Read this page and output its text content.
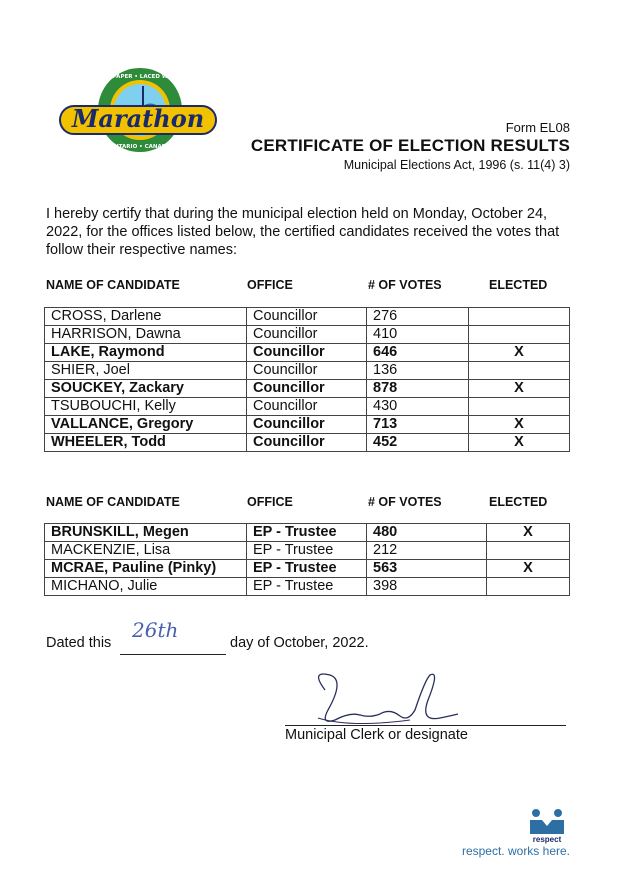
Marathon
BUILT ON PAPER • LACED WITH GOLD
ONTARIO • CANADA
Form EL08
CERTIFICATE OF ELECTION RESULTS
Municipal Elections Act, 1996 (s. 11(4) 3)
I hereby certify that during the municipal election held on Monday, October 24, 2022, for the offices listed below, the certified candidates received the votes that follow their respective names:
NAME OF CANDIDATE	OFFICE	# OF VOTES	ELECTED
CROSS, Darlene	Councillor	276	
HARRISON, Dawna	Councillor	410	
LAKE, Raymond	Councillor	646	X
SHIER, Joel	Councillor	136	
SOUCKEY, Zackary	Councillor	878	X
TSUBOUCHI, Kelly	Councillor	430	
VALLANCE, Gregory	Councillor	713	X
WHEELER, Todd	Councillor	452	X
NAME OF CANDIDATE	OFFICE	# OF VOTES	ELECTED
BRUNSKILL, Megen	EP - Trustee	480	X
MACKENZIE, Lisa	EP - Trustee	212	
MCRAE, Pauline (Pinky)	EP - Trustee	563	X
MICHANO, Julie	EP - Trustee	398	
Dated this
26th
day of October, 2022.
Municipal Clerk or designate
respect
respect. works here.
